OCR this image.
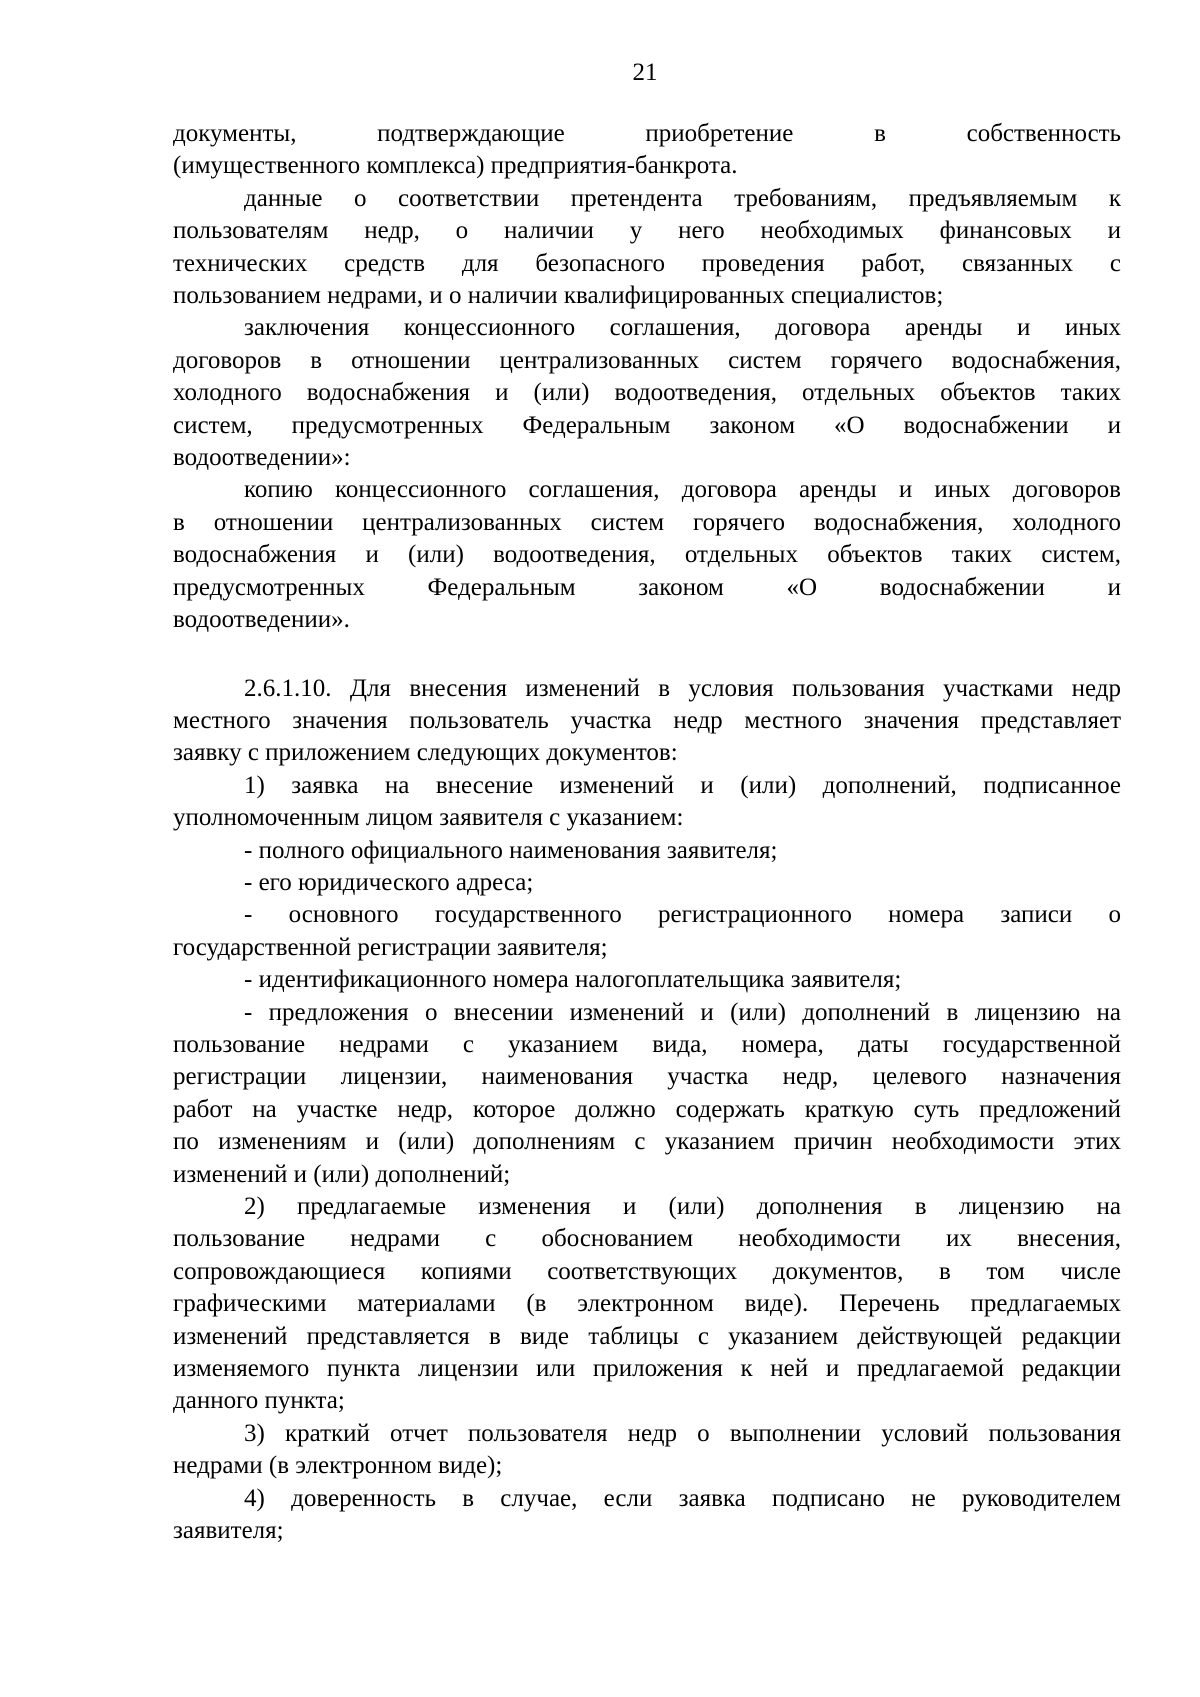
21
документы, подтверждающие приобретение в собственность
(имущественного комплекса) предприятия-банкрота.
данные о соответствии претендента требованиям, предъявляемым к
пользователям недр, о наличии у него необходимых финансовых и
технических средств для безопасного проведения работ, связанных с
пользованием недрами, и о наличии квалифицированных специалистов;
заключения концессионного соглашения, договора аренды и иных
договоров в отношении централизованных систем горячего водоснабжения,
холодного водоснабжения и (или) водоотведения, отдельных объектов таких
систем, предусмотренных Федеральным законом «О водоснабжении и
водоотведении»:
копию концессионного соглашения, договора аренды и иных договоров
в отношении централизованных систем горячего водоснабжения, холодного
водоснабжения и (или) водоотведения, отдельных объектов таких систем,
предусмотренных Федеральным законом «О водоснабжении и
водоотведении».
2.6.1.10. Для внесения изменений в условия пользования участками недр
местного значения пользователь участка недр местного значения представляет
заявку с приложением следующих документов:
1) заявка на внесение изменений и (или) дополнений, подписанное
уполномоченным лицом заявителя с указанием:
- полного официального наименования заявителя;
- его юридического адреса;
- основного государственного регистрационного номера записи о
государственной регистрации заявителя;
- идентификационного номера налогоплательщика заявителя;
- предложения о внесении изменений и (или) дополнений в лицензию на
пользование недрами с указанием вида, номера, даты государственной
регистрации лицензии, наименования участка недр, целевого назначения
работ на участке недр, которое должно содержать краткую суть предложений
по изменениям и (или) дополнениям с указанием причин необходимости этих
изменений и (или) дополнений;
2) предлагаемые изменения и (или) дополнения в лицензию на
пользование недрами с обоснованием необходимости их внесения,
сопровождающиеся копиями соответствующих документов, в том числе
графическими материалами (в электронном виде). Перечень предлагаемых
изменений представляется в виде таблицы с указанием действующей редакции
изменяемого пункта лицензии или приложения к ней и предлагаемой редакции
данного пункта;
3) краткий отчет пользователя недр о выполнении условий пользования
недрами (в электронном виде);
4) доверенность в случае, если заявка подписано не руководителем
заявителя;
